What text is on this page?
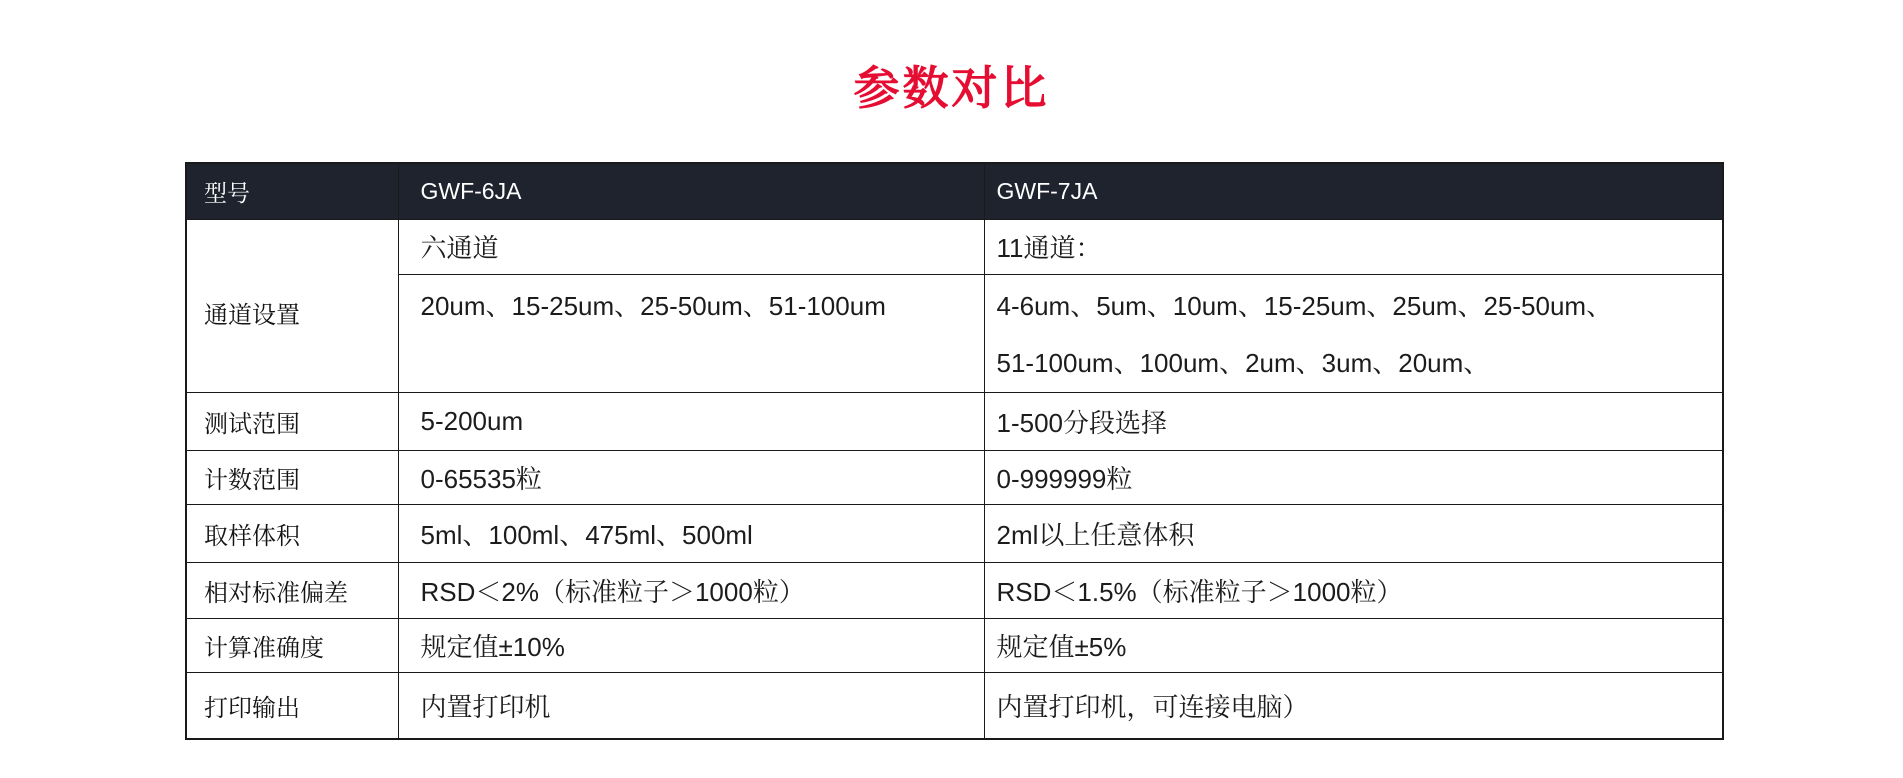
参数对比
型号	GWF-6JA	GWF-7JA
通道设置	六通道	11通道：
	20um、15-25um、25-50um、51-100um	4-6um、5um、10um、15-25um、25um、25-50um、
51-100um、100um、2um、3um、20um、

测试范围	5-200um	1-500分段选择
计数范围	0-65535粒	0-999999粒
取样体积	5ml、100ml、475ml、500ml	2ml以上任意体积
相对标准偏差	RSD＜2%（标准粒子＞1000粒）	RSD＜1.5%（标准粒子＞1000粒）
计算准确度	规定值±10%	规定值±5%
打印输出	内置打印机	内置打印机，可连接电脑）
